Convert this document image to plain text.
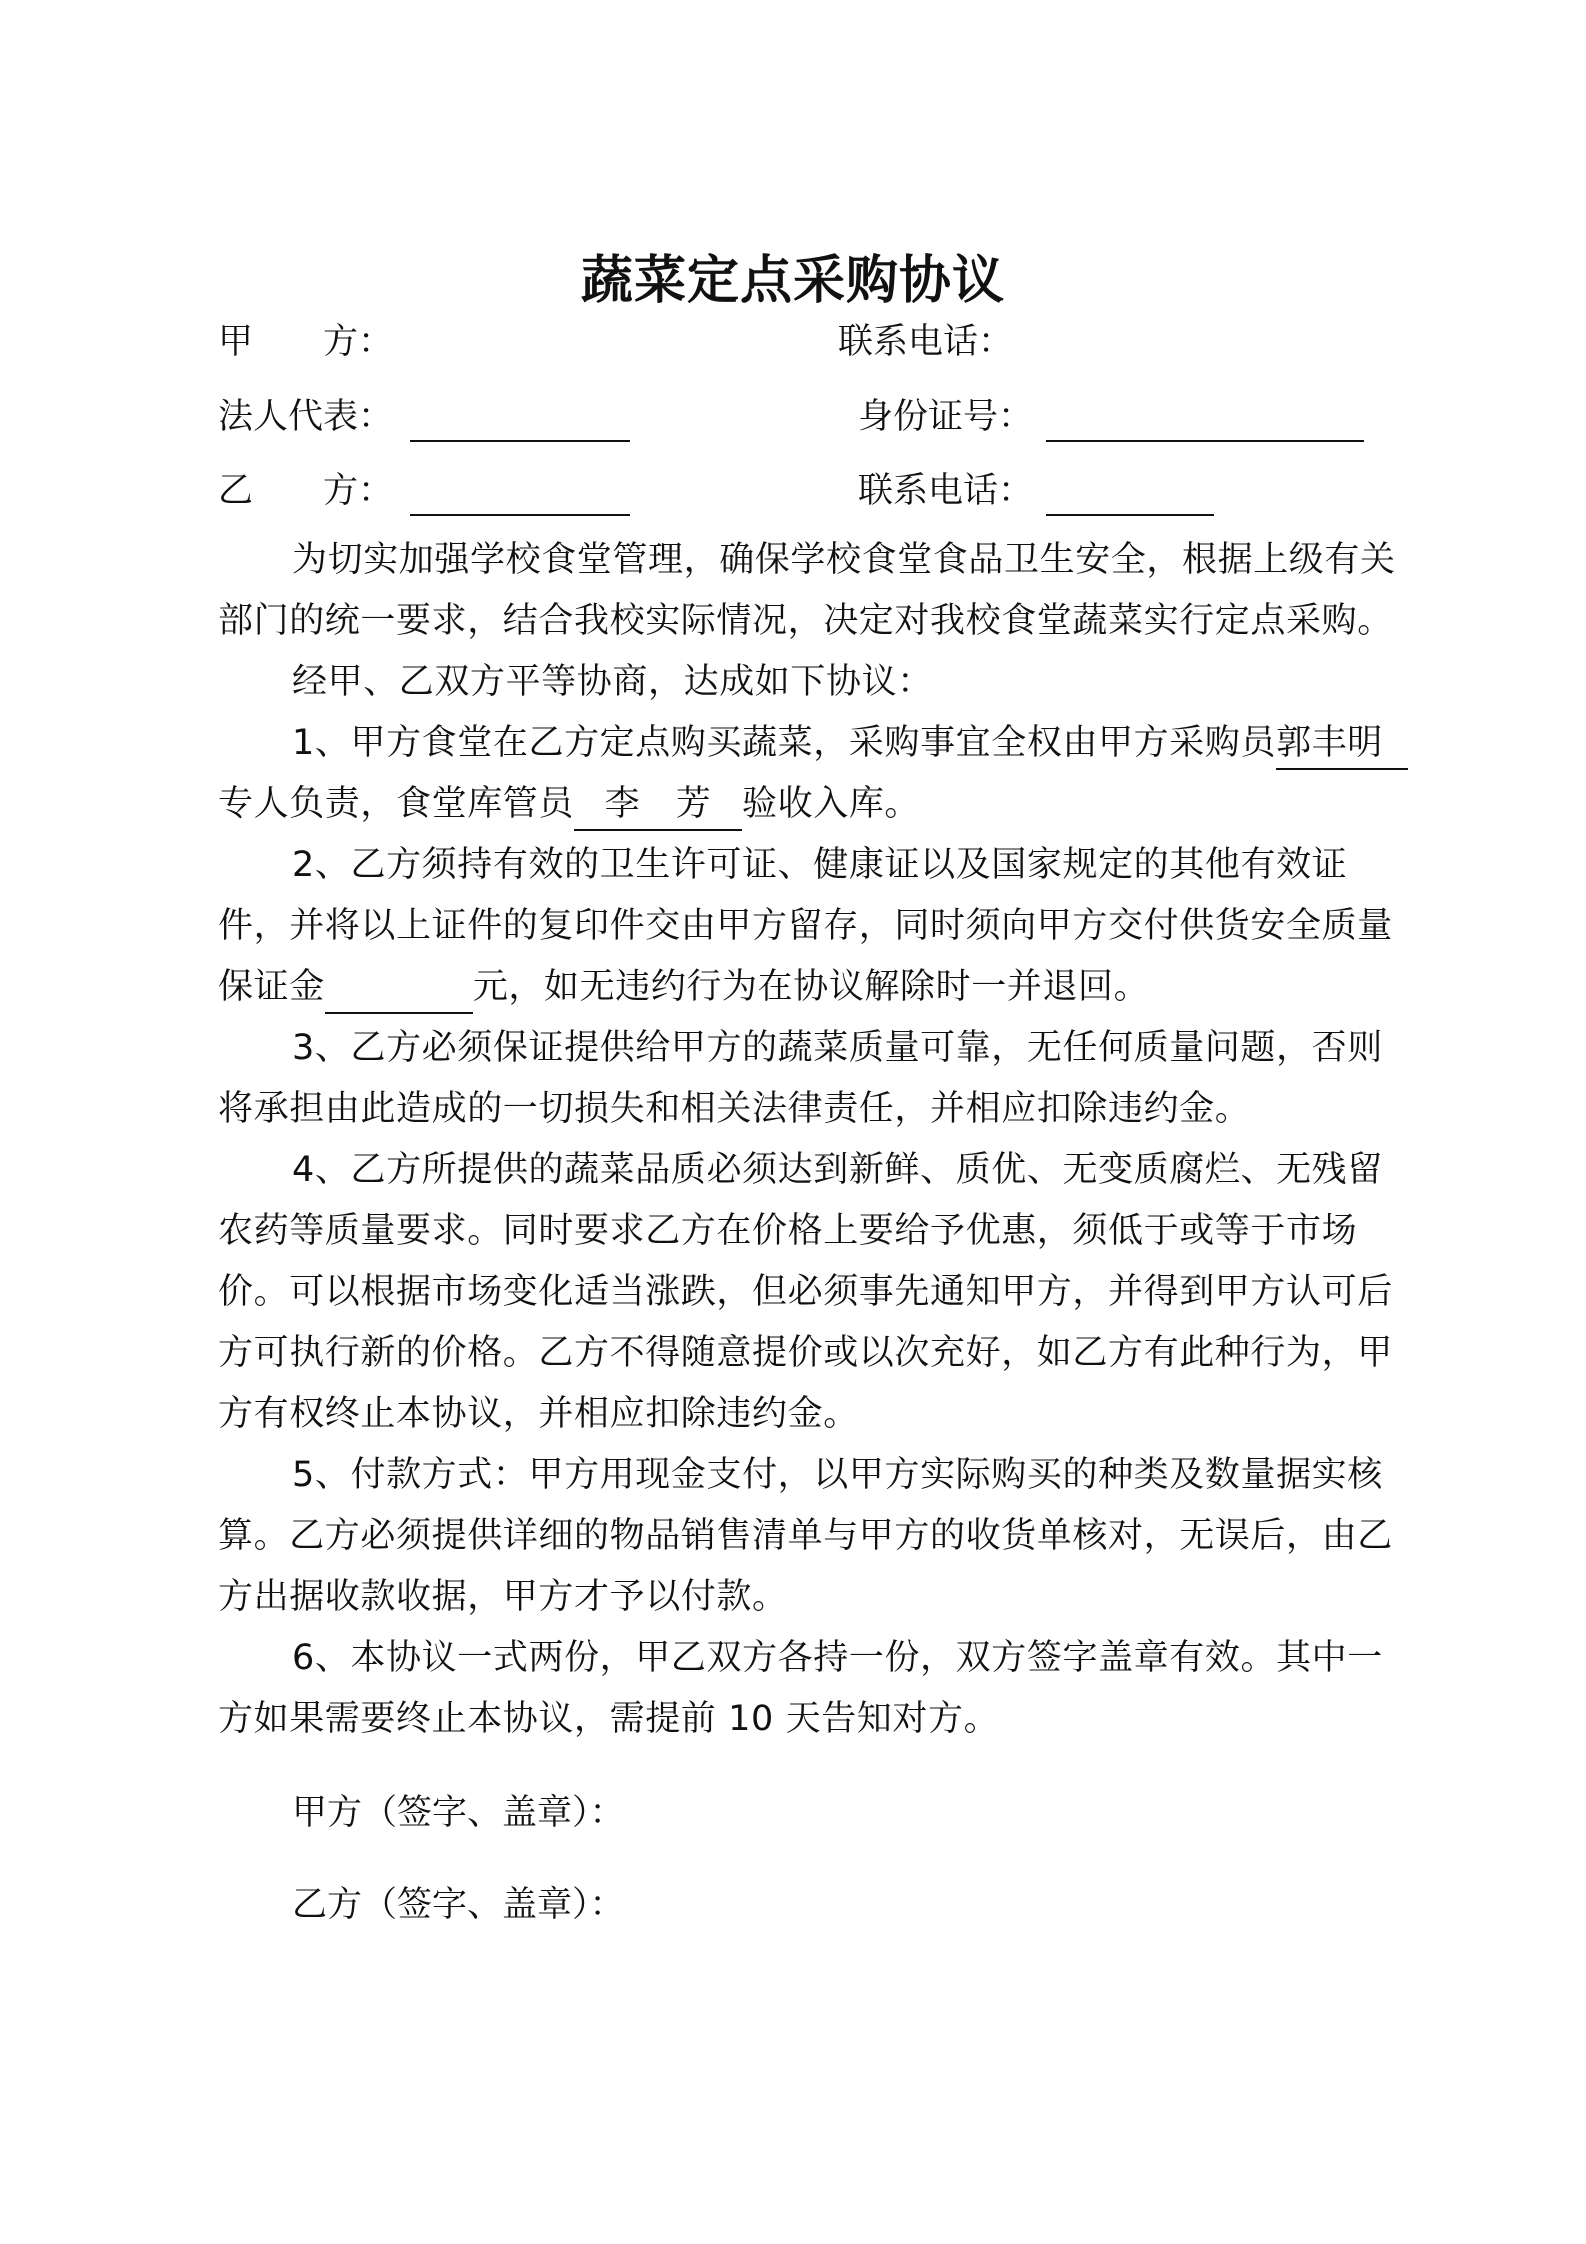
蔬菜定点采购协议
甲　　方：	联系电话：
法人代表：	身份证号：
乙　　方：	联系电话：

为切实加强学校食堂管理，确保学校食堂食品卫生安全，根据上级有关部门的统一要求，结合我校实际情况，决定对我校食堂蔬菜实行定点采购。

经甲、乙双方平等协商，达成如下协议：

1、甲方食堂在乙方定点购买蔬菜，采购事宜全权由甲方采购员郭丰明专人负责，食堂库管员 李　芳 验收入库。

2、乙方须持有效的卫生许可证、健康证以及国家规定的其他有效证件，并将以上证件的复印件交由甲方留存，同时须向甲方交付供货安全质量保证金	元，如无违约行为在协议解除时一并退回。

3、乙方必须保证提供给甲方的蔬菜质量可靠，无任何质量问题，否则将承担由此造成的一切损失和相关法律责任，并相应扣除违约金。

4、乙方所提供的蔬菜品质必须达到新鲜、质优、无变质腐烂、无残留农药等质量要求。同时要求乙方在价格上要给予优惠，须低于或等于市场价。可以根据市场变化适当涨跌，但必须事先通知甲方，并得到甲方认可后方可执行新的价格。乙方不得随意提价或以次充好，如乙方有此种行为，甲方有权终止本协议，并相应扣除违约金。

5、付款方式：甲方用现金支付，以甲方实际购买的种类及数量据实核算。乙方必须提供详细的物品销售清单与甲方的收货单核对，无误后，由乙方出据收款收据，甲方才予以付款。

6、本协议一式两份，甲乙双方各持一份，双方签字盖章有效。其中一方如果需要终止本协议，需提前 10 天告知对方。

甲方（签字、盖章）：
乙方（签字、盖章）：
